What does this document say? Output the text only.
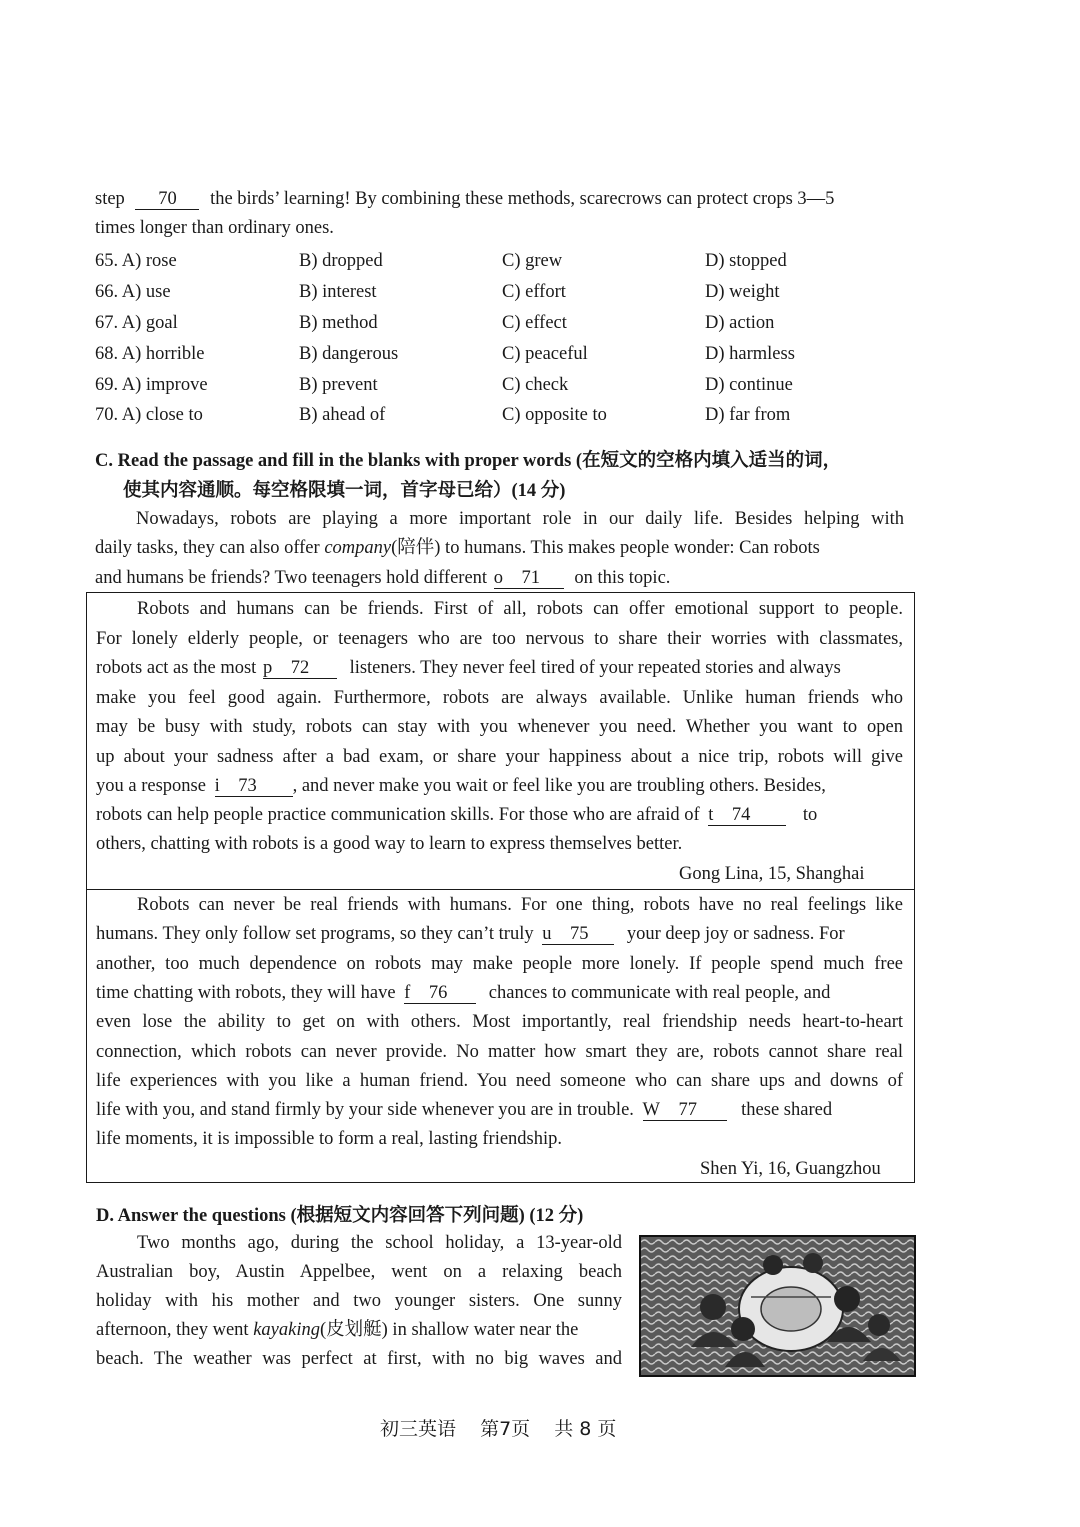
step 70 the birds’ learning! By combining these methods, scarecrows can protect crops 3—5
times longer than ordinary ones.
65. A) rose	B) dropped	C) grew	D) stopped
66. A) use	B) interest	C) effort	D) weight
67. A) goal	B) method	C) effect	D) action
68. A) horrible	B) dangerous	C) peaceful	D) harmless
69. A) improve	B) prevent	C) check	D) continue
70. A) close to	B) ahead of	C) opposite to	D) far from
C. Read the passage and fill in the blanks with proper words (在短文的空格内填入适当的词，
使其内容通顺。每空格限填一词，首字母已给）(14 分)
Nowadays, robots are playing a more important role in our daily life. Besides helping with
daily tasks, they can also offer company(陪伴) to humans. This makes people wonder: Can robots
and humans be friends? Two teenagers hold different o 71 on this topic.
Robots and humans can be friends. First of all, robots can offer emotional support to people.
For lonely elderly people, or teenagers who are too nervous to share their worries with classmates,
robots act as the most p 72 listeners. They never feel tired of your repeated stories and always
make you feel good again. Furthermore, robots are always available. Unlike human friends who
may be busy with study, robots can stay with you whenever you need. Whether you want to open
up about your sadness after a bad exam, or share your happiness about a nice trip, robots will give
you a response i 73 , and never make you wait or feel like you are troubling others. Besides,
robots can help people practice communication skills. For those who are afraid of t 74	to
others, chatting with robots is a good way to learn to express themselves better.
Gong Lina, 15, Shanghai
Robots can never be real friends with humans. For one thing, robots have no real feelings like
humans. They only follow set programs, so they can’t truly u 75 your deep joy or sadness. For
another, too much dependence on robots may make people more lonely. If people spend much free
time chatting with robots, they will have f 76 chances to communicate with real people, and
even lose the ability to get on with others. Most importantly, real friendship needs heart-to-heart
connection, which robots can never provide. No matter how smart they are, robots cannot share real
life experiences with you like a human friend. You need someone who can share ups and downs of
life with you, and stand firmly by your side whenever you are in trouble. W 77 these shared
life moments, it is impossible to form a real, lasting friendship.
Shen Yi, 16, Guangzhou
D. Answer the questions (根据短文内容回答下列问题) (12 分)
Two months ago, during the school holiday, a 13-year-old
Australian boy, Austin Appelbee, went on a relaxing beach
holiday with his mother and two younger sisters. One sunny
afternoon, they went kayaking(皮划艇) in shallow water near the
beach. The weather was perfect at first, with no big waves and
初三英语 第7页 共 8 页
